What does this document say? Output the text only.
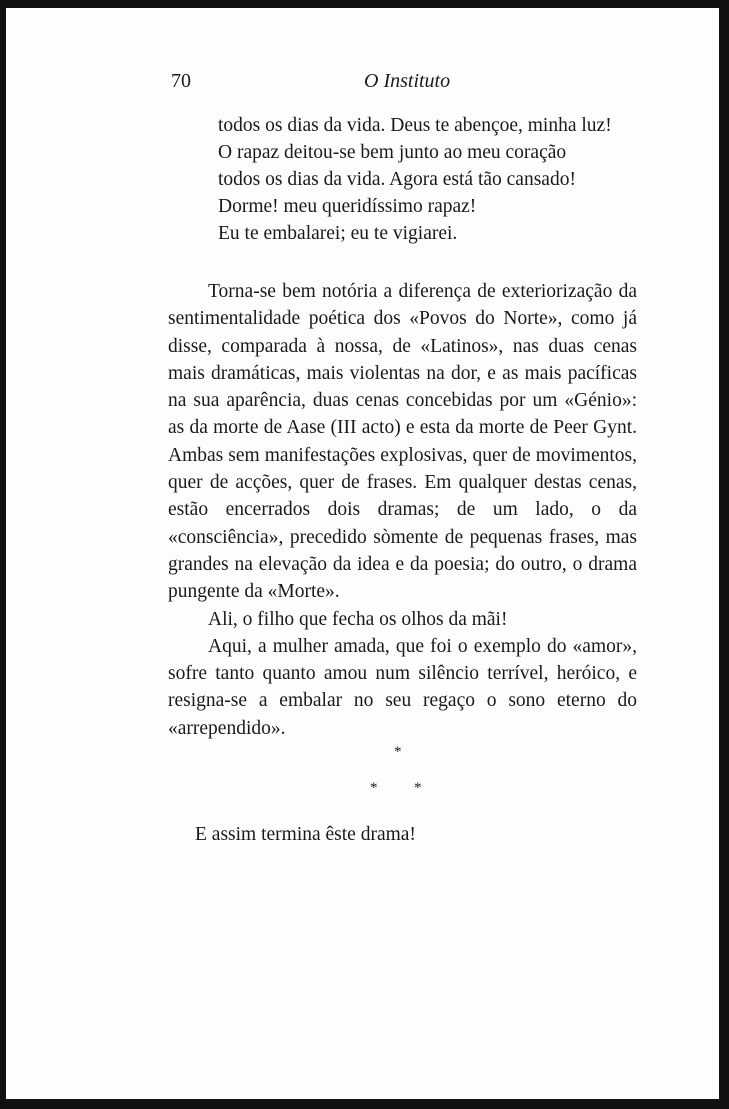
70	O Instituto
todos os dias da vida. Deus te abençoe, minha luz!
O rapaz deitou-se bem junto ao meu coração
todos os dias da vida. Agora está tão cansado!
Dorme! meu queridíssimo rapaz!
Eu te embalarei; eu te vigiarei.

Torna-se bem notória a diferença de exteriorização da sentimentalidade poética dos «Povos do Norte», como já disse, comparada à nossa, de «Latinos», nas duas cenas mais dramáticas, mais violentas na dor, e as mais pacíficas na sua aparência, duas cenas concebidas por um «Génio»: as da morte de Aase (III acto) e esta da morte de Peer Gynt. Ambas sem manifestações explosivas, quer de movimentos, quer de acções, quer de frases. Em qualquer destas cenas, estão encerrados dois dramas; de um lado, o da «consciência», precedido sòmente de pequenas frases, mas grandes na elevação da idea e da poesia; do outro, o drama pungente da «Morte».

Ali, o filho que fecha os olhos da mãi!

Aqui, a mulher amada, que foi o exemplo do «amor», sofre tanto quanto amou num silêncio terrível, heróico, e resigna-se a embalar no seu regaço o sono eterno do «arrependido».

*
* *
E assim termina êste drama!
